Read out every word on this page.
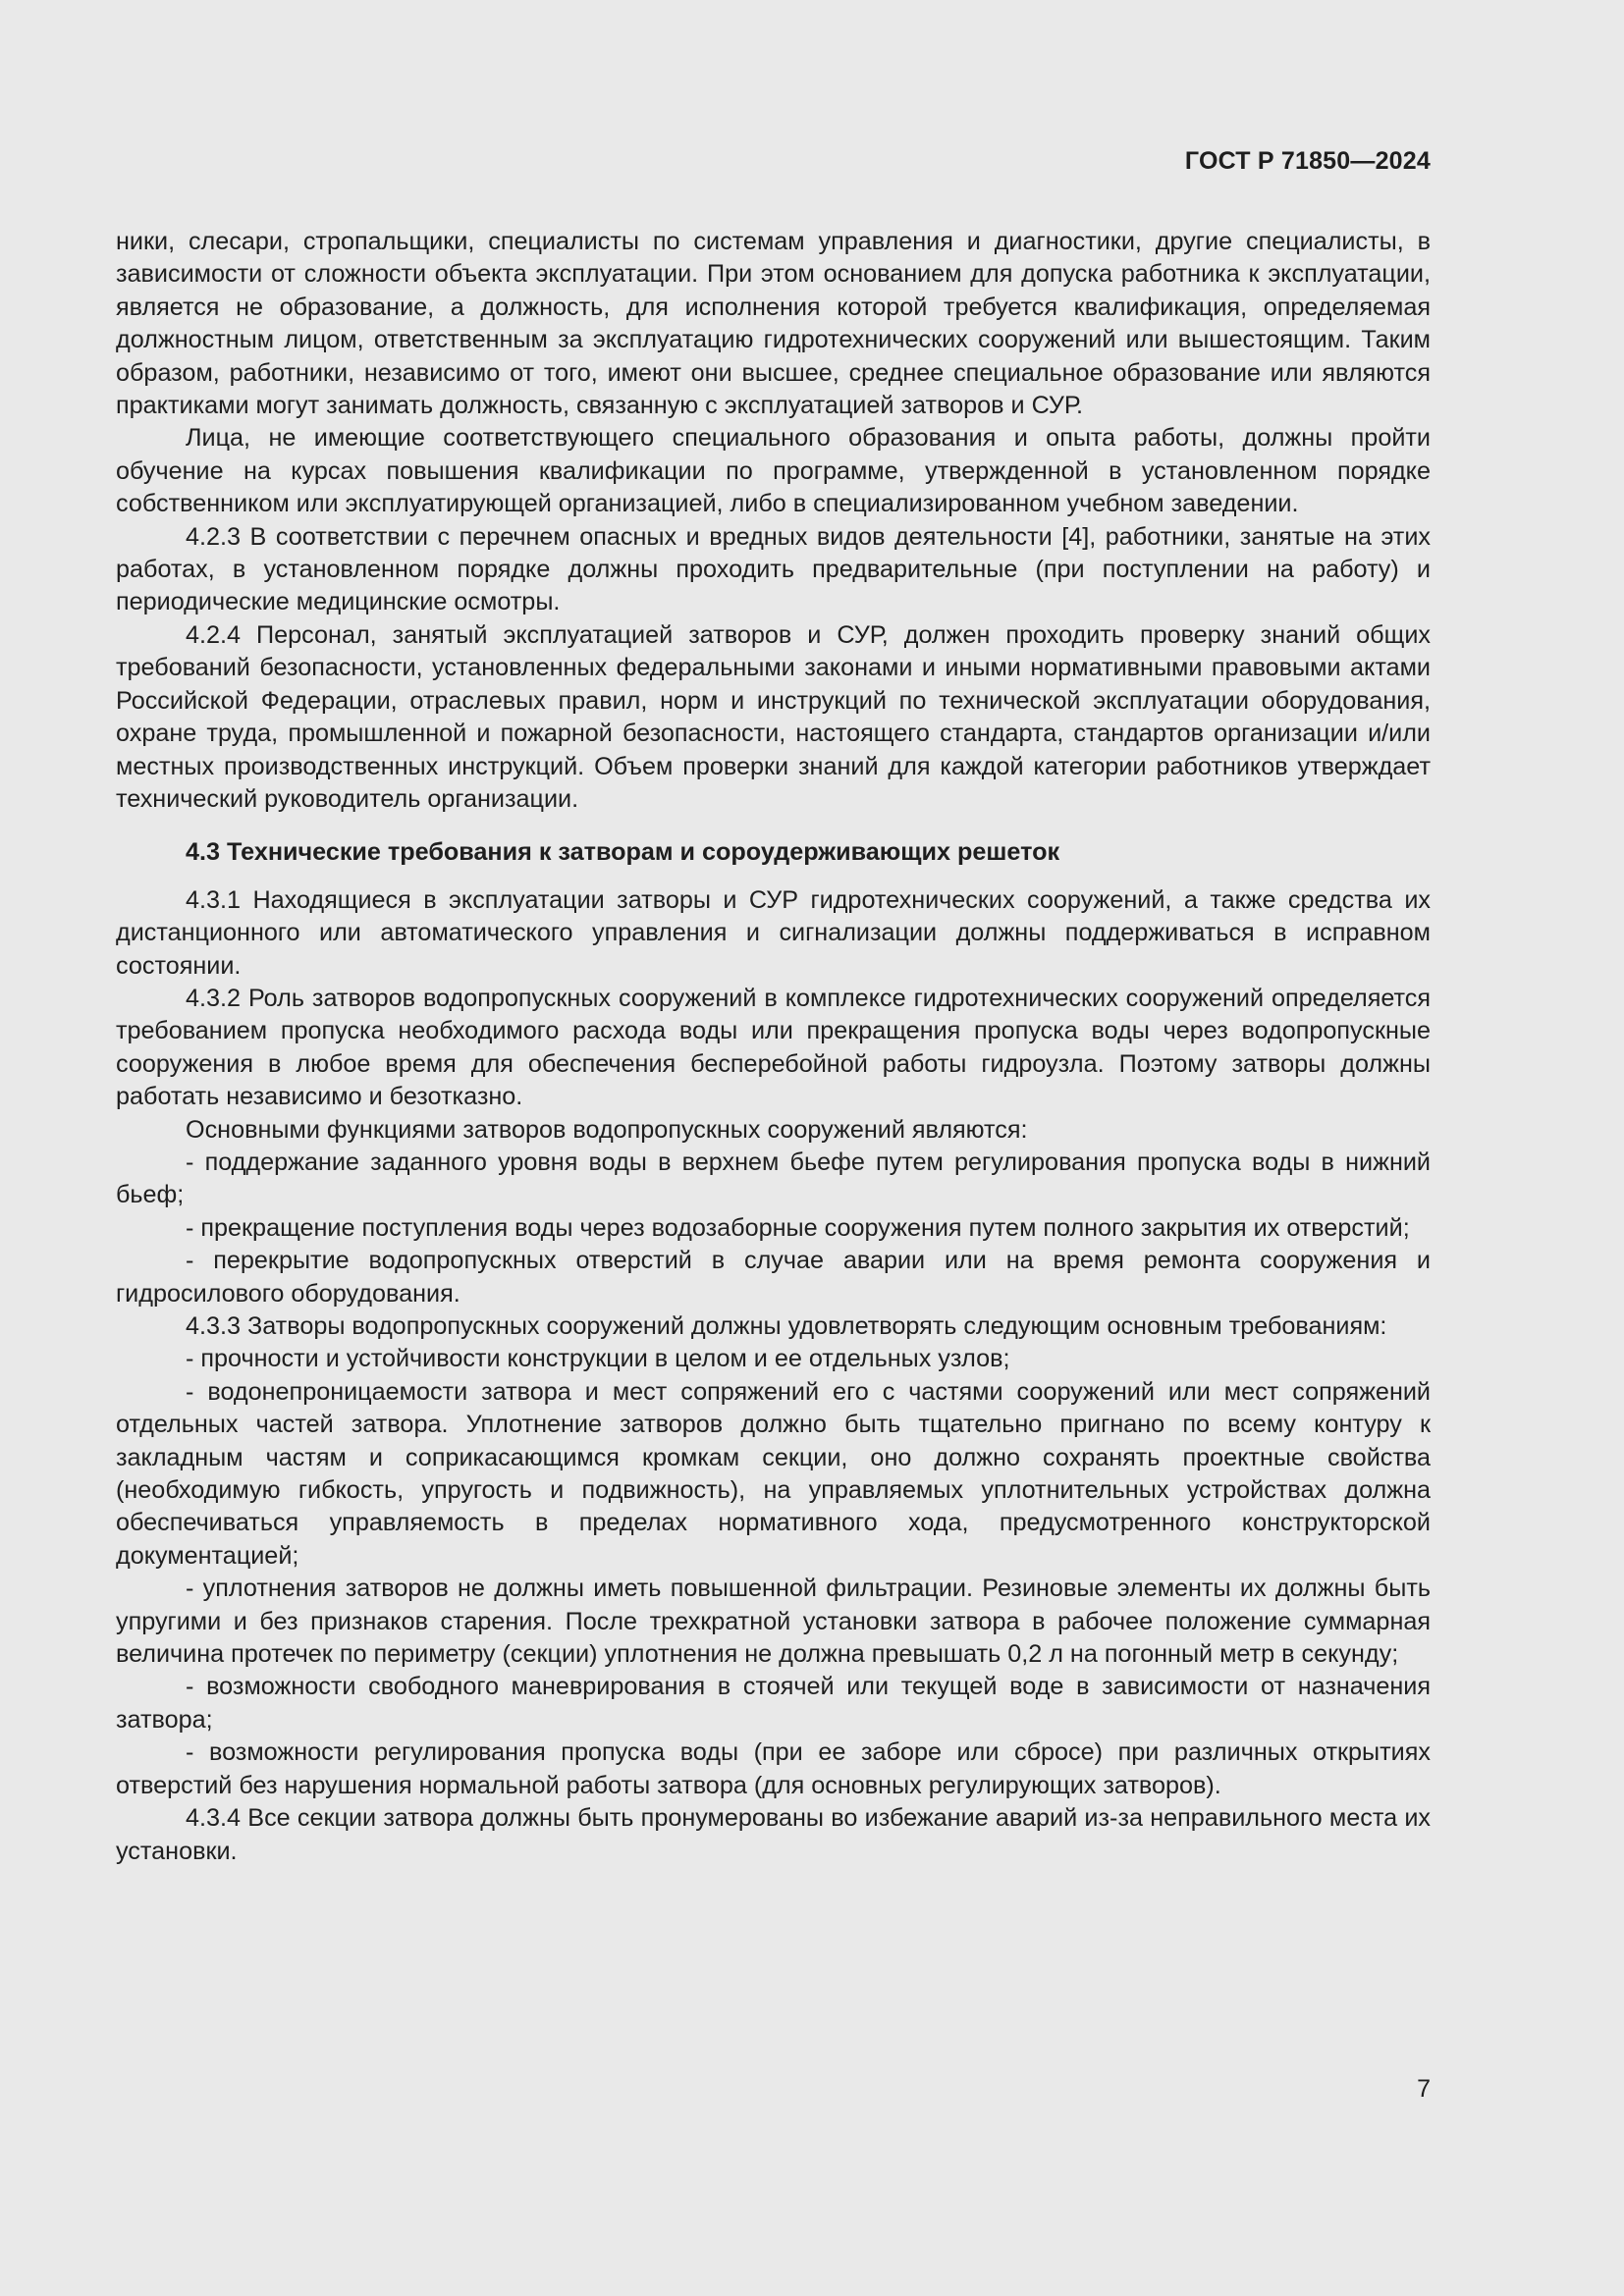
ГОСТ Р 71850—2024

ники, слесари, стропальщики, специалисты по системам управления и диагностики, другие специалисты, в зависимости от сложности объекта эксплуатации. При этом основанием для допуска работника к эксплуатации, является не образование, а должность, для исполнения которой требуется квалификация, определяемая должностным лицом, ответственным за эксплуатацию гидротехнических сооружений или вышестоящим. Таким образом, работники, независимо от того, имеют они высшее, среднее специальное образование или являются практиками могут занимать должность, связанную с эксплуатацией затворов и СУР.

Лица, не имеющие соответствующего специального образования и опыта работы, должны пройти обучение на курсах повышения квалификации по программе, утвержденной в установленном порядке собственником или эксплуатирующей организацией, либо в специализированном учебном заведении.

4.2.3 В соответствии с перечнем опасных и вредных видов деятельности [4], работники, занятые на этих работах, в установленном порядке должны проходить предварительные (при поступлении на работу) и периодические медицинские осмотры.

4.2.4 Персонал, занятый эксплуатацией затворов и СУР, должен проходить проверку знаний общих требований безопасности, установленных федеральными законами и иными нормативными правовыми актами Российской Федерации, отраслевых правил, норм и инструкций по технической эксплуатации оборудования, охране труда, промышленной и пожарной безопасности, настоящего стандарта, стандартов организации и/или местных производственных инструкций. Объем проверки знаний для каждой категории работников утверждает технический руководитель организации.

4.3 Технические требования к затворам и сороудерживающих решеток

4.3.1 Находящиеся в эксплуатации затворы и СУР гидротехнических сооружений, а также средства их дистанционного или автоматического управления и сигнализации должны поддерживаться в исправном состоянии.

4.3.2 Роль затворов водопропускных сооружений в комплексе гидротехнических сооружений определяется требованием пропуска необходимого расхода воды или прекращения пропуска воды через водопропускные сооружения в любое время для обеспечения бесперебойной работы гидроузла. Поэтому затворы должны работать независимо и безотказно.

Основными функциями затворов водопропускных сооружений являются:

- поддержание заданного уровня воды в верхнем бьефе путем регулирования пропуска воды в нижний бьеф;

- прекращение поступления воды через водозаборные сооружения путем полного закрытия их отверстий;

- перекрытие водопропускных отверстий в случае аварии или на время ремонта сооружения и гидросилового оборудования.

4.3.3 Затворы водопропускных сооружений должны удовлетворять следующим основным требованиям:

- прочности и устойчивости конструкции в целом и ее отдельных узлов;

- водонепроницаемости затвора и мест сопряжений его с частями сооружений или мест сопряжений отдельных частей затвора. Уплотнение затворов должно быть тщательно пригнано по всему контуру к закладным частям и соприкасающимся кромкам секции, оно должно сохранять проектные свойства (необходимую гибкость, упругость и подвижность), на управляемых уплотнительных устройствах должна обеспечиваться управляемость в пределах нормативного хода, предусмотренного конструкторской документацией;

- уплотнения затворов не должны иметь повышенной фильтрации. Резиновые элементы их должны быть упругими и без признаков старения. После трехкратной установки затвора в рабочее положение суммарная величина протечек по периметру (секции) уплотнения не должна превышать 0,2 л на погонный метр в секунду;

- возможности свободного маневрирования в стоячей или текущей воде в зависимости от назначения затвора;

- возможности регулирования пропуска воды (при ее заборе или сбросе) при различных открытиях отверстий без нарушения нормальной работы затвора (для основных регулирующих затворов).

4.3.4 Все секции затвора должны быть пронумерованы во избежание аварий из-за неправильного места их установки.

7
